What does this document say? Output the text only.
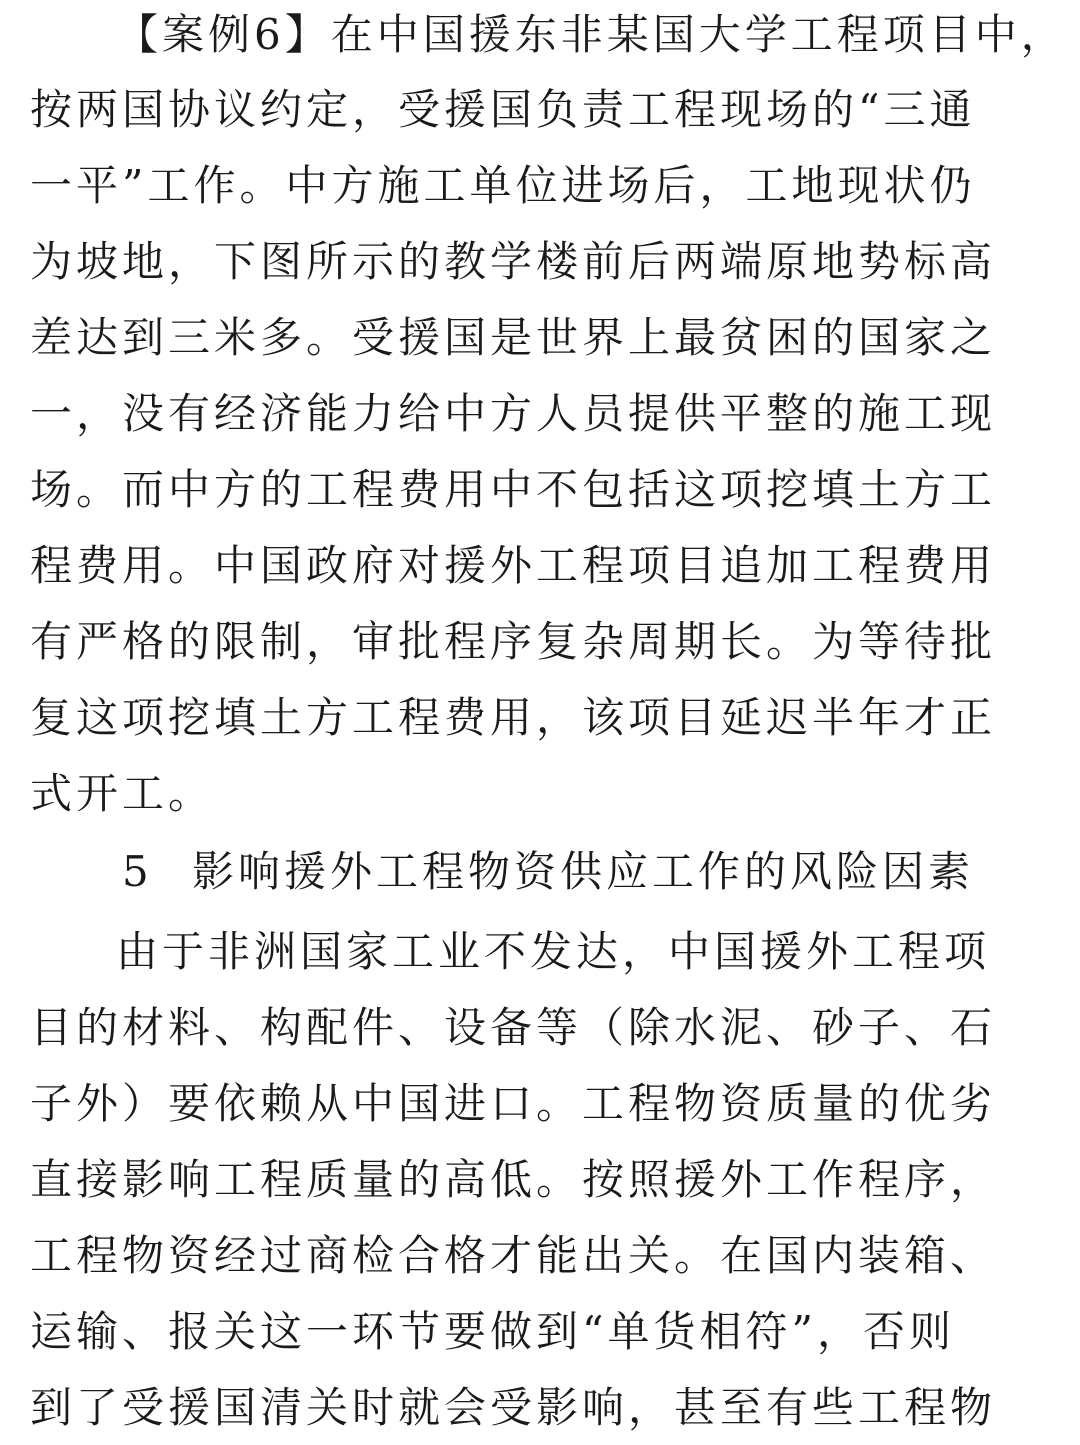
【案例6】在中国援东非某国大学工程项目中，
按两国协议约定，受援国负责工程现场的“三通
一平”工作。中方施工单位进场后，工地现状仍
为坡地，下图所示的教学楼前后两端原地势标高
差达到三米多。受援国是世界上最贫困的国家之
一，没有经济能力给中方人员提供平整的施工现
场。而中方的工程费用中不包括这项挖填土方工
程费用。中国政府对援外工程项目追加工程费用
有严格的限制，审批程序复杂周期长。为等待批
复这项挖填土方工程费用，该项目延迟半年才正
式开工。
5 影响援外工程物资供应工作的风险因素
由于非洲国家工业不发达，中国援外工程项
目的材料、构配件、设备等（除水泥、砂子、石
子外）要依赖从中国进口。工程物资质量的优劣
直接影响工程质量的高低。按照援外工作程序，
工程物资经过商检合格才能出关。在国内装箱、
运输、报关这一环节要做到“单货相符”，否则
到了受援国清关时就会受影响，甚至有些工程物
